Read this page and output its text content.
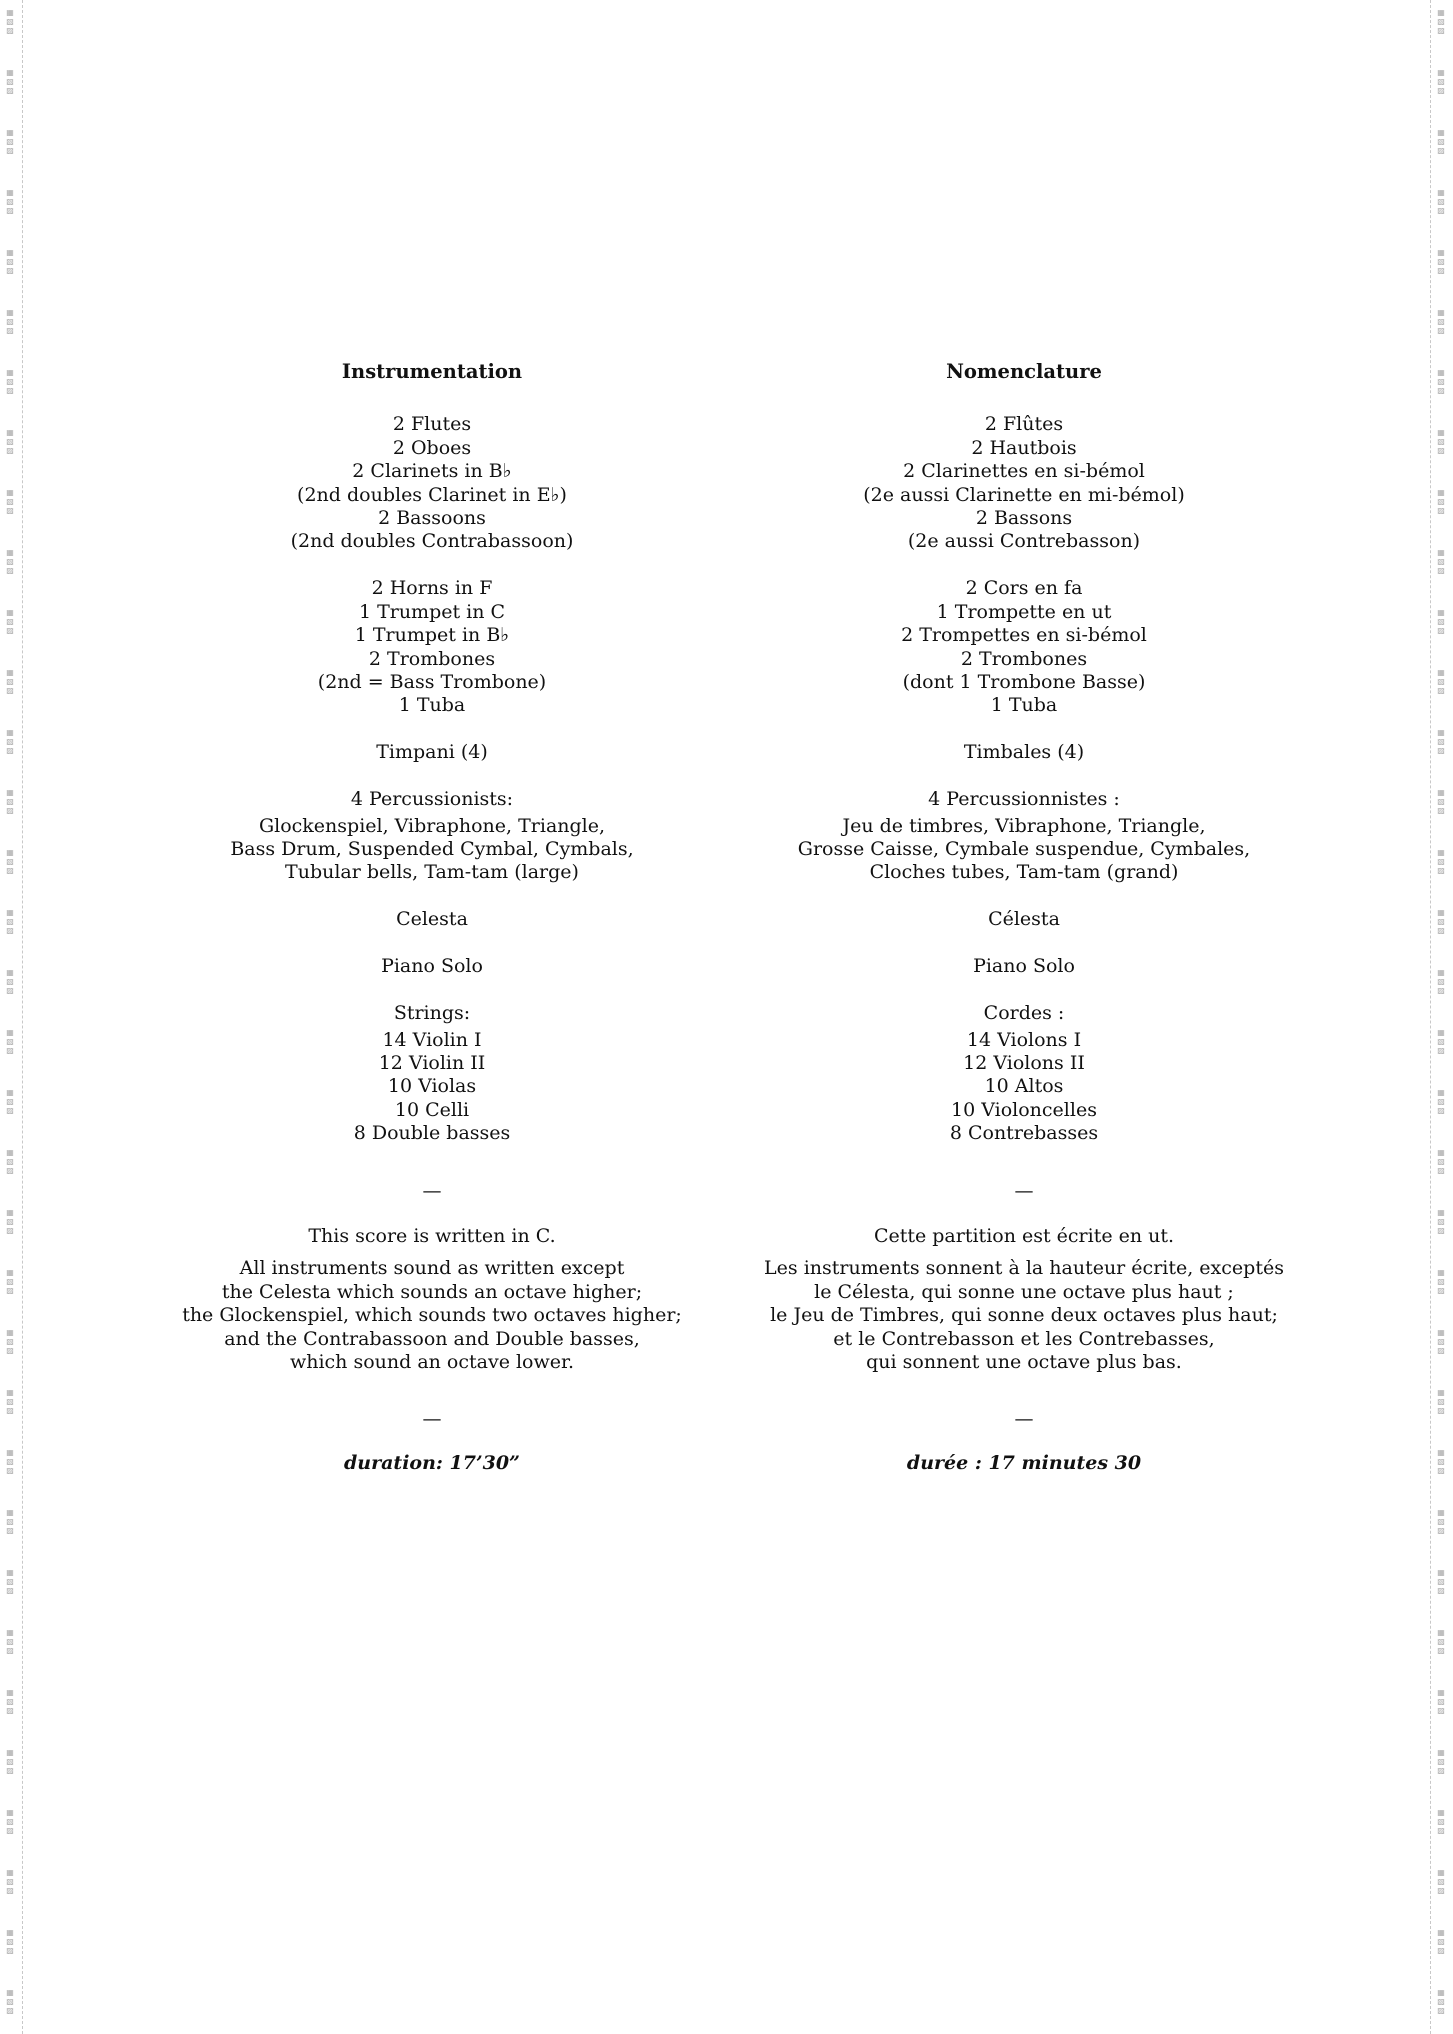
▦
▧
▨
▦
▧
▨
▦
▧
▨
▦
▧
▨
▦
▧
▨
▦
▧
▨
▦
▧
▨
▦
▧
▨
▦
▧
▨
▦
▧
▨
▦
▧
▨
▦
▧
▨
▦
▧
▨
▦
▧
▨
▦
▧
▨
▦
▧
▨
▦
▧
▨
▦
▧
▨
▦
▧
▨
▦
▧
▨
▦
▧
▨
▦
▧
▨
▦
▧
▨
▦
▧
▨
▦
▧
▨
▦
▧
▨
▦
▧
▨
▦
▧
▨
▦
▧
▨
▦
▧
▨
▦
▧
▨
▦
▧
▨
▦
▧
▨
▦
▧
▨
▦
▧
▨
▦
▧
▨
▦
▧
▨
▦
▧
▨
▦
▧
▨
▦
▧
▨
▦
▧
▨
▦
▧
▨
▦
▧
▨
▦
▧
▨
▦
▧
▨
▦
▧
▨
▦
▧
▨
▦
▧
▨
▦
▧
▨
▦
▧
▨
▦
▧
▨
▦
▧
▨
▦
▧
▨
▦
▧
▨
▦
▧
▨
▦
▧
▨
▦
▧
▨
▦
▧
▨
▦
▧
▨
▦
▧
▨
▦
▧
▨
▦
▧
▨
▦
▧
▨
▦
▧
▨
▦
▧
▨
▦
▧
▨
▦
▧
▨
▦
▧
▨
Instrumentation
2 Flutes
2 Oboes
2 Clarinets in B♭
(2nd doubles Clarinet in E♭)
2 Bassoons
(2nd doubles Contrabassoon)
2 Horns in F
1 Trumpet in C
1 Trumpet in B♭
2 Trombones
(2nd = Bass Trombone)
1 Tuba
Timpani (4)
4 Percussionists:
Glockenspiel, Vibraphone, Triangle,
Bass Drum, Suspended Cymbal, Cymbals,
Tubular bells, Tam-tam (large)
Celesta
Piano Solo
Strings:
14 Violin I
12 Violin II
10 Violas
10 Celli
8 Double basses
—
This score is written in C.
All instruments sound as written except
the Celesta which sounds an octave higher;
the Glockenspiel, which sounds two octaves higher;
and the Contrabassoon and Double basses,
which sound an octave lower.
—
duration: 17’30”
Nomenclature
2 Flûtes
2 Hautbois
2 Clarinettes en si-bémol
(2e aussi Clarinette en mi-bémol)
2 Bassons
(2e aussi Contrebasson)
2 Cors en fa
1 Trompette en ut
2 Trompettes en si-bémol
2 Trombones
(dont 1 Trombone Basse)
1 Tuba
Timbales (4)
4 Percussionnistes :
Jeu de timbres, Vibraphone, Triangle,
Grosse Caisse, Cymbale suspendue, Cymbales,
Cloches tubes, Tam-tam (grand)
Célesta
Piano Solo
Cordes :
14 Violons I
12 Violons II
10 Altos
10 Violoncelles
8 Contrebasses
—
Cette partition est écrite en ut.
Les instruments sonnent à la hauteur écrite, exceptés
le Célesta, qui sonne une octave plus haut ;
le Jeu de Timbres, qui sonne deux octaves plus haut;
et le Contrebasson et les Contrebasses,
qui sonnent une octave plus bas.
—
durée : 17 minutes 30
